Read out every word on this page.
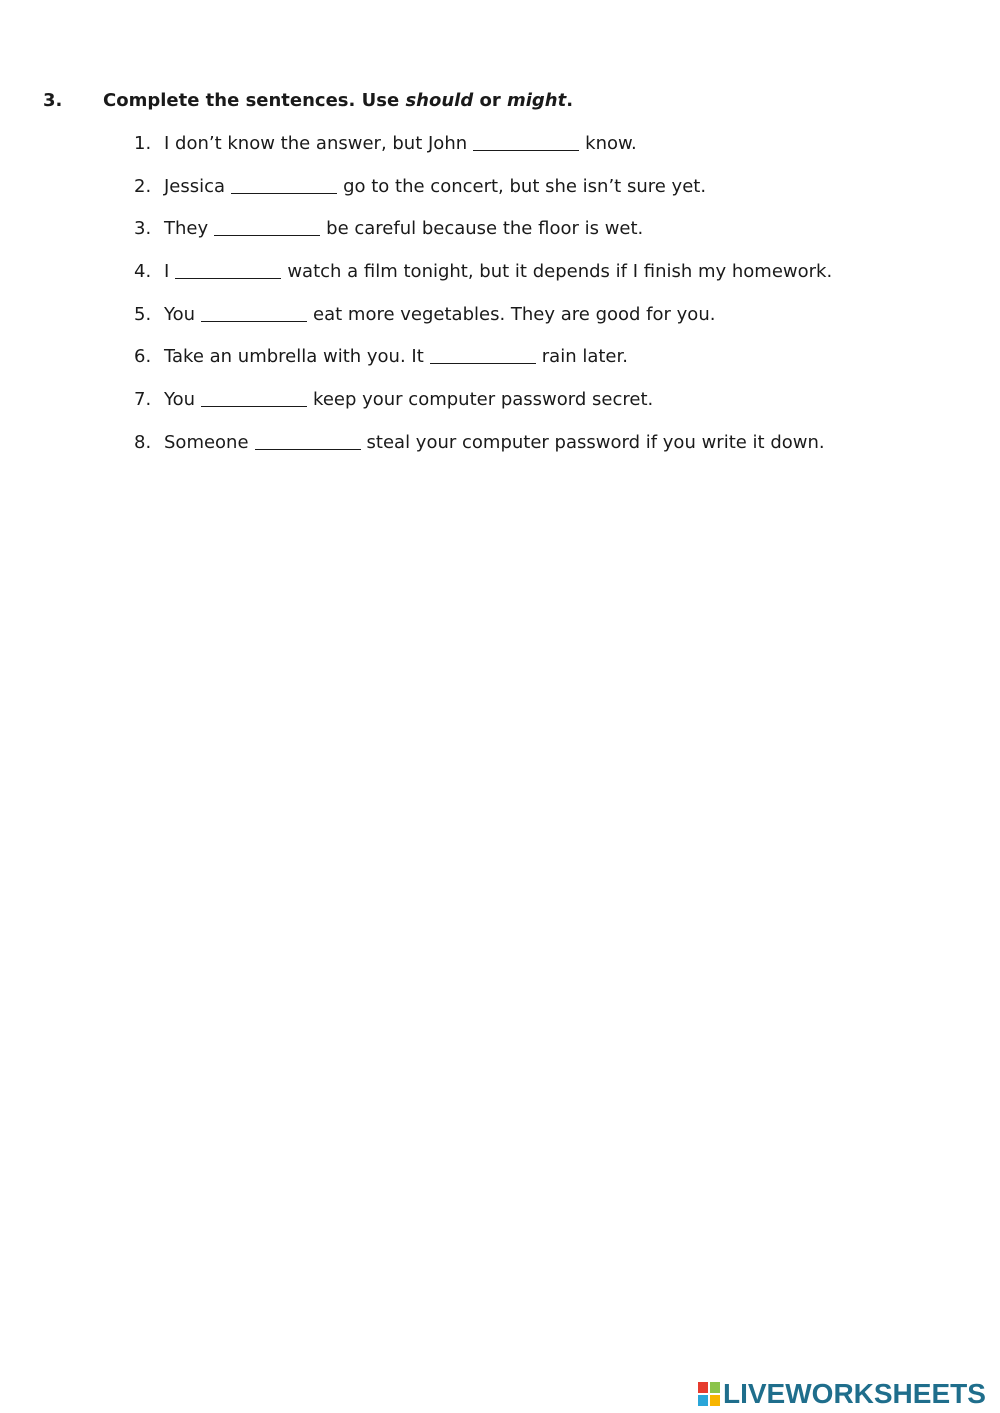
3. Complete the sentences. Use should or might.
1. I don’t know the answer, but John	know.
2. Jessica	go to the concert, but she isn’t sure yet.
3. They	be careful because the floor is wet.
4. I	watch a film tonight, but it depends if I finish my homework.
5. You	eat more vegetables. They are good for you.
6. Take an umbrella with you. It	rain later.
7. You	keep your computer password secret.
8. Someone	steal your computer password if you write it down.
LIVEWORKSHEETS
